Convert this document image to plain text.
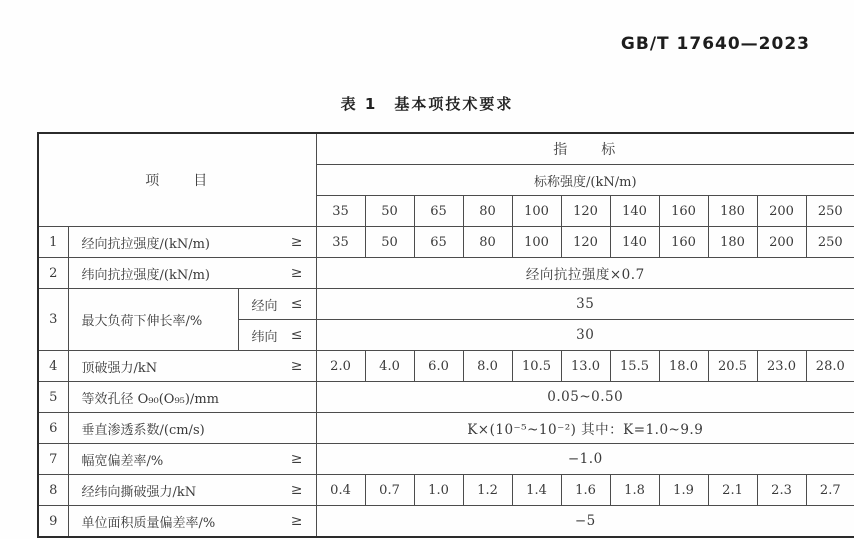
GB/T 17640—2023
表 1　基本项技术要求
项　　目			指　　标										
			标称强度/(kN/m)										
			35	50	65	80	100	120	140	160	180	200	250
1	经向抗拉强度/(kN/m) ≥		35	50	65	80	100	120	140	160	180	200	250
2	纬向抗拉强度/(kN/m) ≥		经向抗拉强度×0.7										
3	最大负荷下伸长率/%	经向 ≤	35										

		纬向 ≤	30										
4	顶破强力/kN ≥		2.0	4.0	6.0	8.0	10.5	13.0	15.5	18.0	20.5	23.0	28.0
5	等效孔径 O₉₀(O₉₅)/mm		0.05~0.50										
6	垂直渗透系数/(cm/s)		K×(10⁻⁵~10⁻²) 其中：K=1.0~9.9										
7	幅宽偏差率/% ≥		−1.0										
8	经纬向撕破强力/kN ≥		0.4	0.7	1.0	1.2	1.4	1.6	1.8	1.9	2.1	2.3	2.7
9	单位面积质量偏差率/% ≥		−5										
